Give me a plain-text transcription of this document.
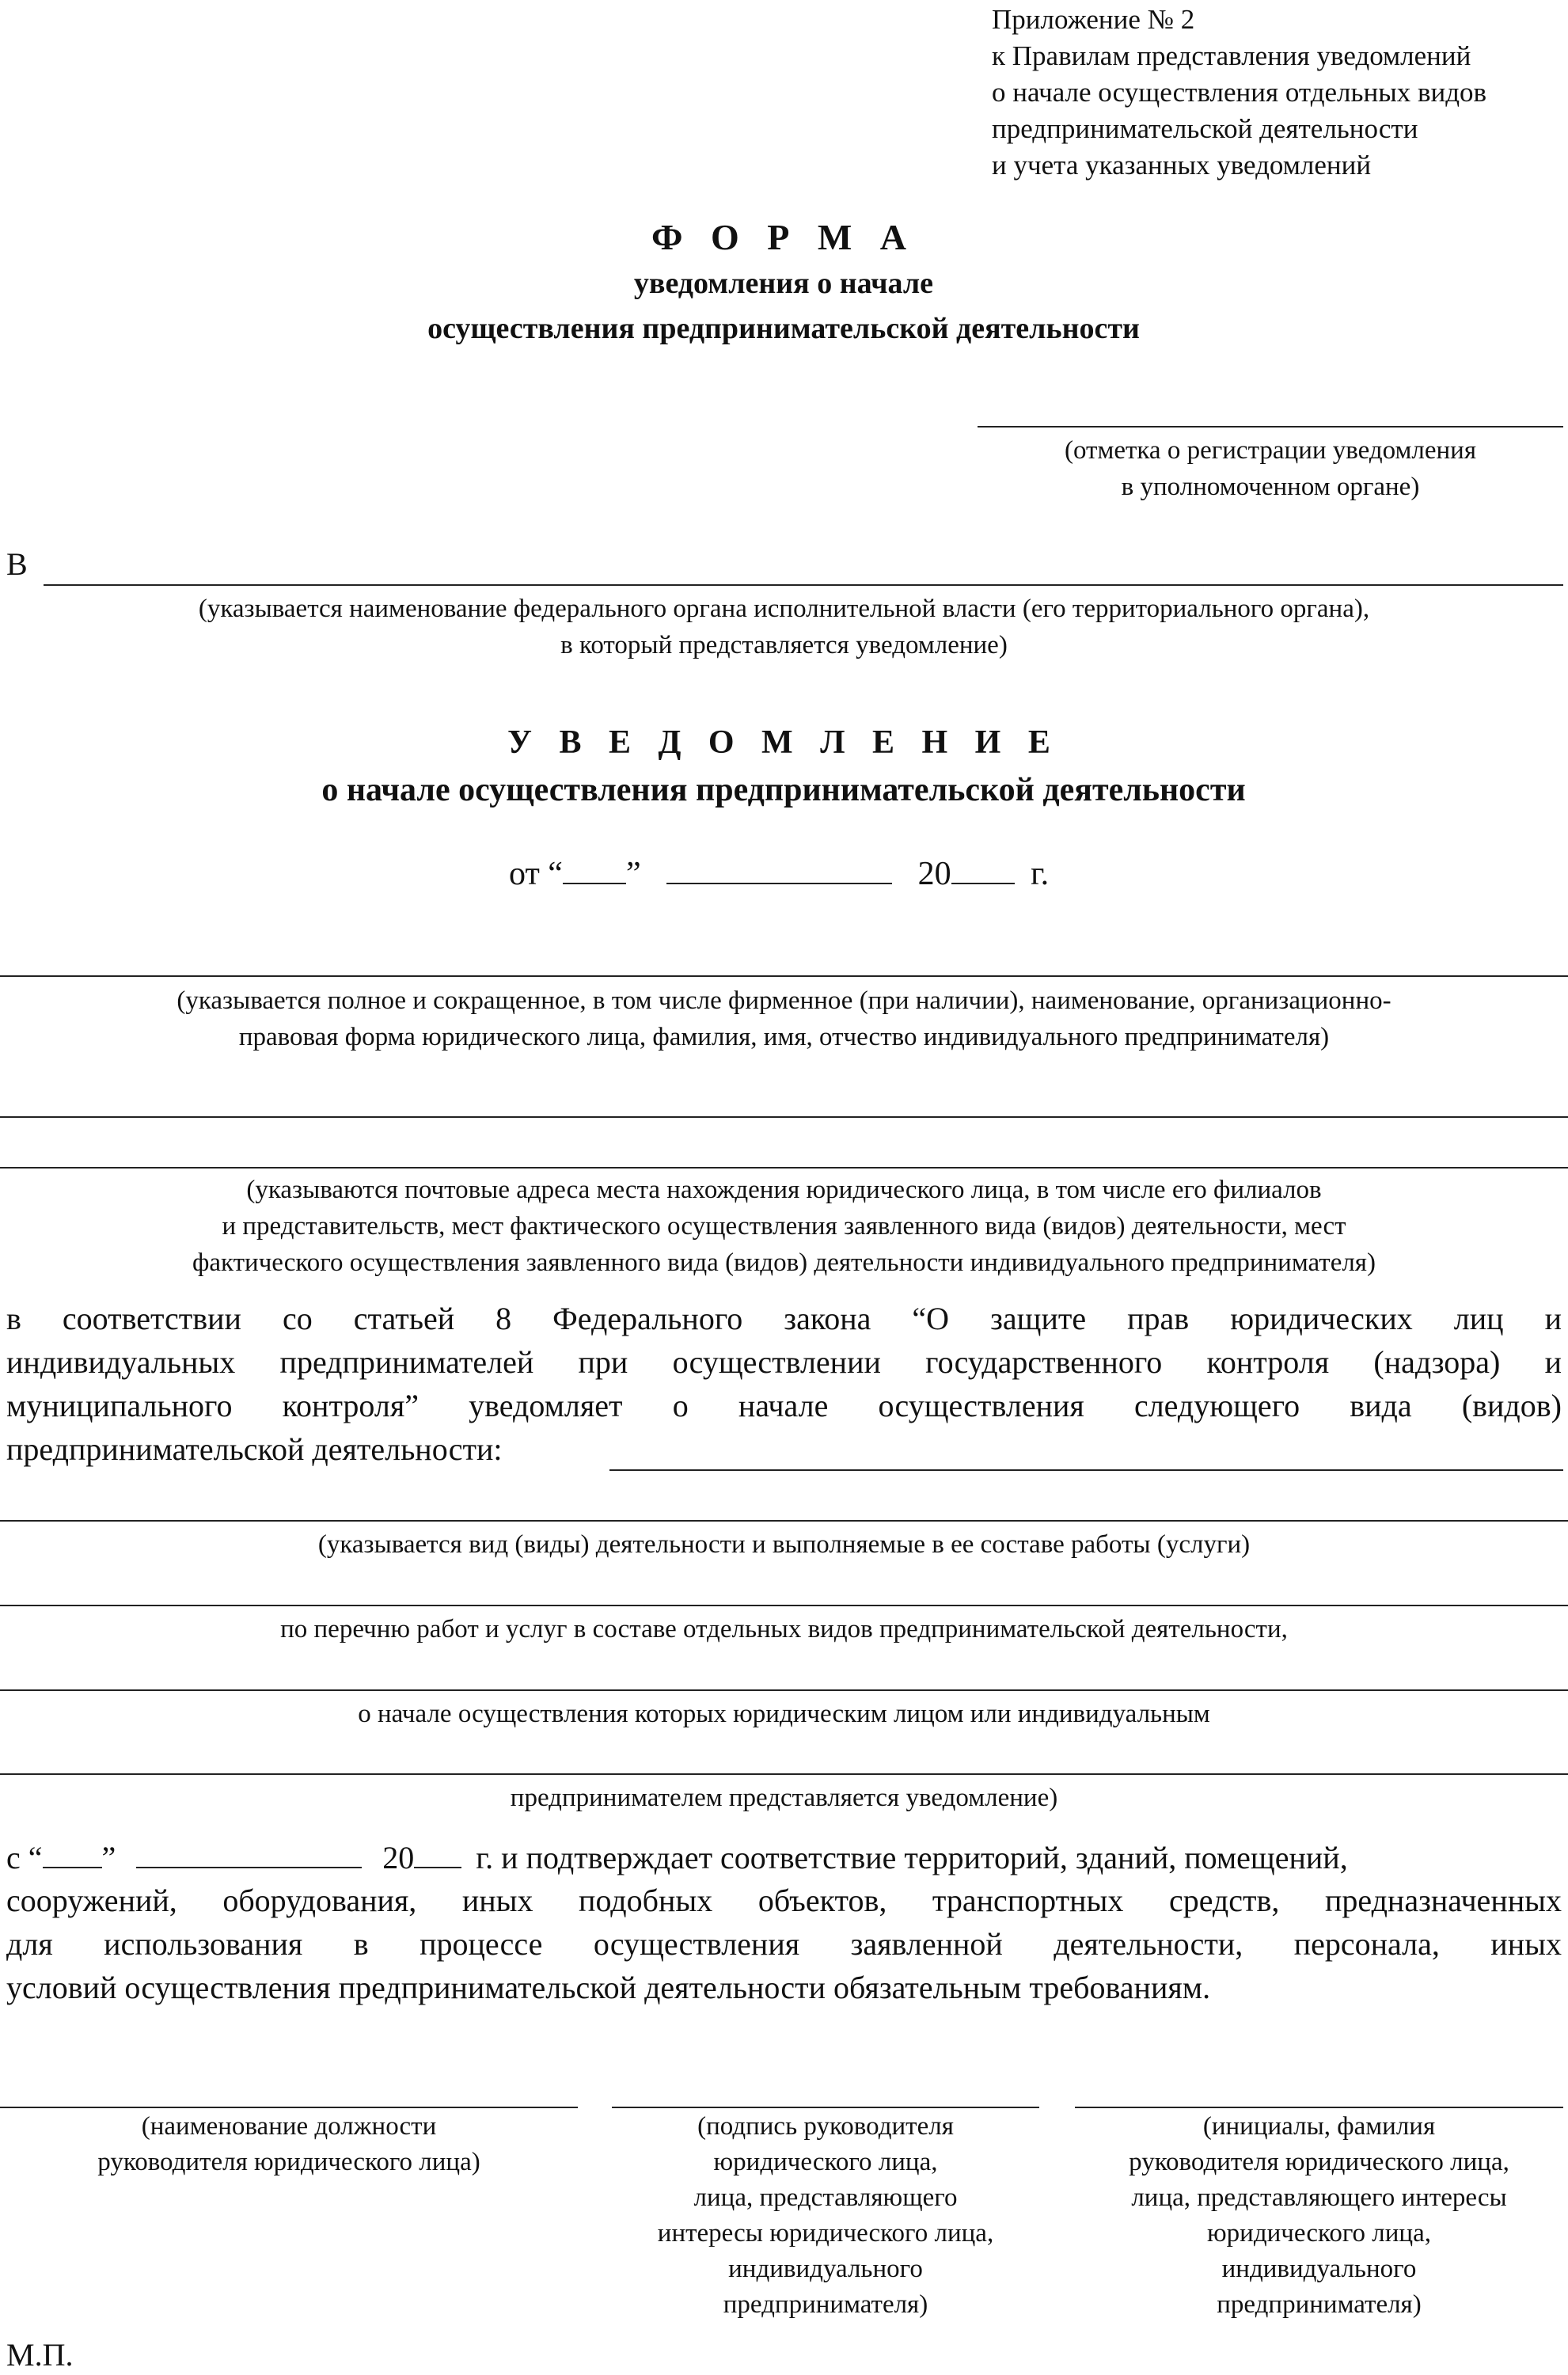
Приложение № 2
к Правилам представления уведомлений
о начале осуществления отдельных видов
предпринимательской деятельности
и учета указанных уведомлений
Ф О Р М А
уведомления о начале
осуществления предпринимательской деятельности
(отметка о регистрации уведомления
в уполномоченном органе)
В
(указывается наименование федерального органа исполнительной власти (его территориального органа),
в который представляется уведомление)
У В Е Д О М Л Е Н И Е
о начале осуществления предпринимательской деятельности
от “ ”	20 г.
(указывается полное и сокращенное, в том числе фирменное (при наличии), наименование, организационно-
правовая форма юридического лица, фамилия, имя, отчество индивидуального предпринимателя)
(указываются почтовые адреса места нахождения юридического лица, в том числе его филиалов
и представительств, мест фактического осуществления заявленного вида (видов) деятельности, мест
фактического осуществления заявленного вида (видов) деятельности индивидуального предпринимателя)
в соответствии со статьей 8 Федерального закона “О защите прав юридических лиц и
индивидуальных предпринимателей при осуществлении государственного контроля (надзора) и
муниципального контроля” уведомляет о начале осуществления следующего вида (видов)
предпринимательской деятельности:
(указывается вид (виды) деятельности и выполняемые в ее составе работы (услуги)
по перечню работ и услуг в составе отдельных видов предпринимательской деятельности,
о начале осуществления которых юридическим лицом или индивидуальным
предпринимателем представляется уведомление)
с “ ”	20 г. и подтверждает соответствие территорий, зданий, помещений,
сооружений, оборудования, иных подобных объектов, транспортных средств, предназначенных
для использования в процессе осуществления заявленной деятельности, персонала, иных
условий осуществления предпринимательской деятельности обязательным требованиям.
(наименование должности
руководителя юридического лица)
(подпись руководителя
юридического лица,
лица, представляющего
интересы юридического лица,
индивидуального
предпринимателя)
(инициалы, фамилия
руководителя юридического лица,
лица, представляющего интересы
юридического лица,
индивидуального
предпринимателя)
М.П.
